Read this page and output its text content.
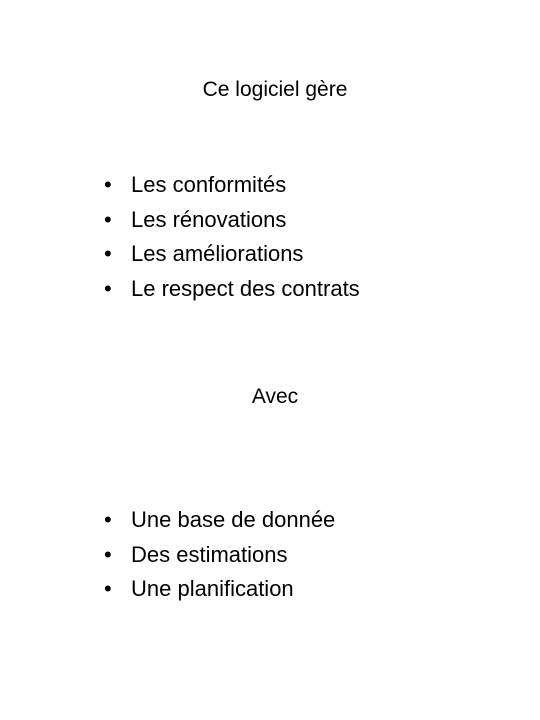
Ce logiciel gère
• Les conformités
• Les rénovations
• Les améliorations
• Le respect des contrats
Avec
• Une base de donnée
• Des estimations
• Une planification
